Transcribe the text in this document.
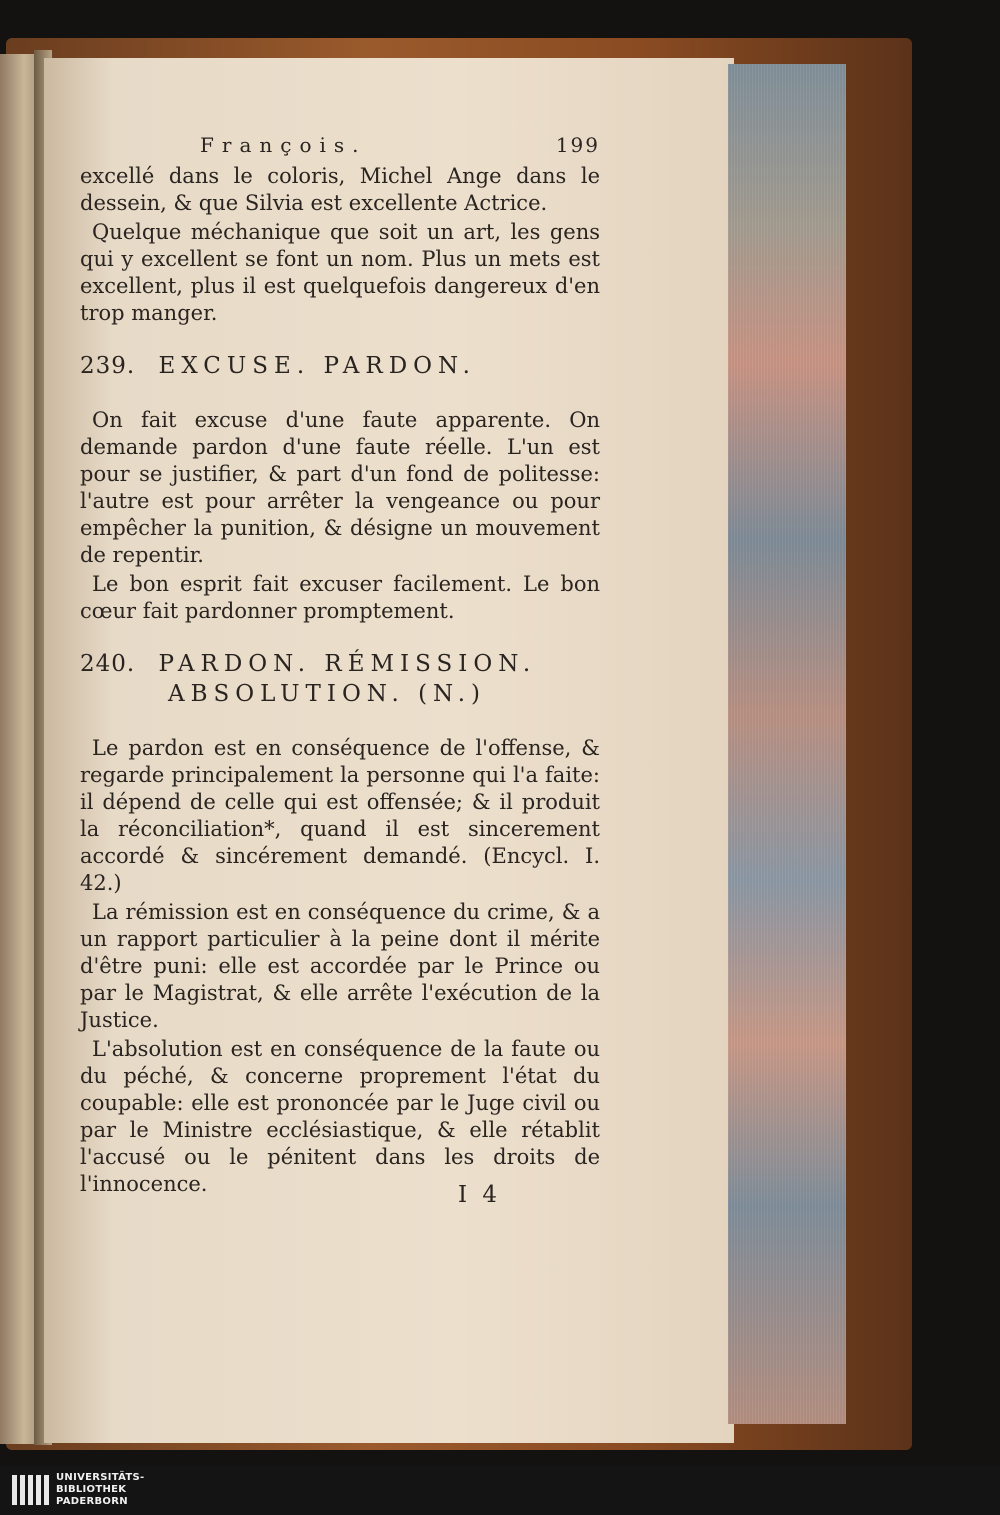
François.	199

excellé dans le coloris, Michel Ange dans le dessein, & que Silvia est excellente Actrice.

Quelque méchanique que soit un art, les gens qui y excellent se font un nom. Plus un mets est excellent, plus il est quelquefois dangereux d'en trop manger.

239. EXCUSE. PARDON.

On fait excuse d'une faute apparente. On demande pardon d'une faute réelle. L'un est pour se justifier, & part d'un fond de politesse: l'autre est pour arrêter la vengeance ou pour empêcher la punition, & désigne un mouvement de repentir.

Le bon esprit fait excuser facilement. Le bon cœur fait pardonner promptement.

240. PARDON. RÉMISSION.
ABSOLUTION. (N.)

Le pardon est en conséquence de l'offense, & regarde principalement la personne qui l'a faite: il dépend de celle qui est offensée; & il produit la réconciliation*, quand il est sincerement accordé & sincérement demandé. (Encycl. I. 42.)

La rémission est en conséquence du crime, & a un rapport particulier à la peine dont il mérite d'être puni: elle est accordée par le Prince ou par le Magistrat, & elle arrête l'exécution de la Justice.

L'absolution est en conséquence de la faute ou du péché, & concerne proprement l'état du coupable: elle est prononcée par le Juge civil ou par le Ministre ecclésiastique, & elle rétablit l'accusé ou le pénitent dans les droits de l'innocence.	I 4
UNIVERSITÄTS-
BIBLIOTHEK
PADERBORN
